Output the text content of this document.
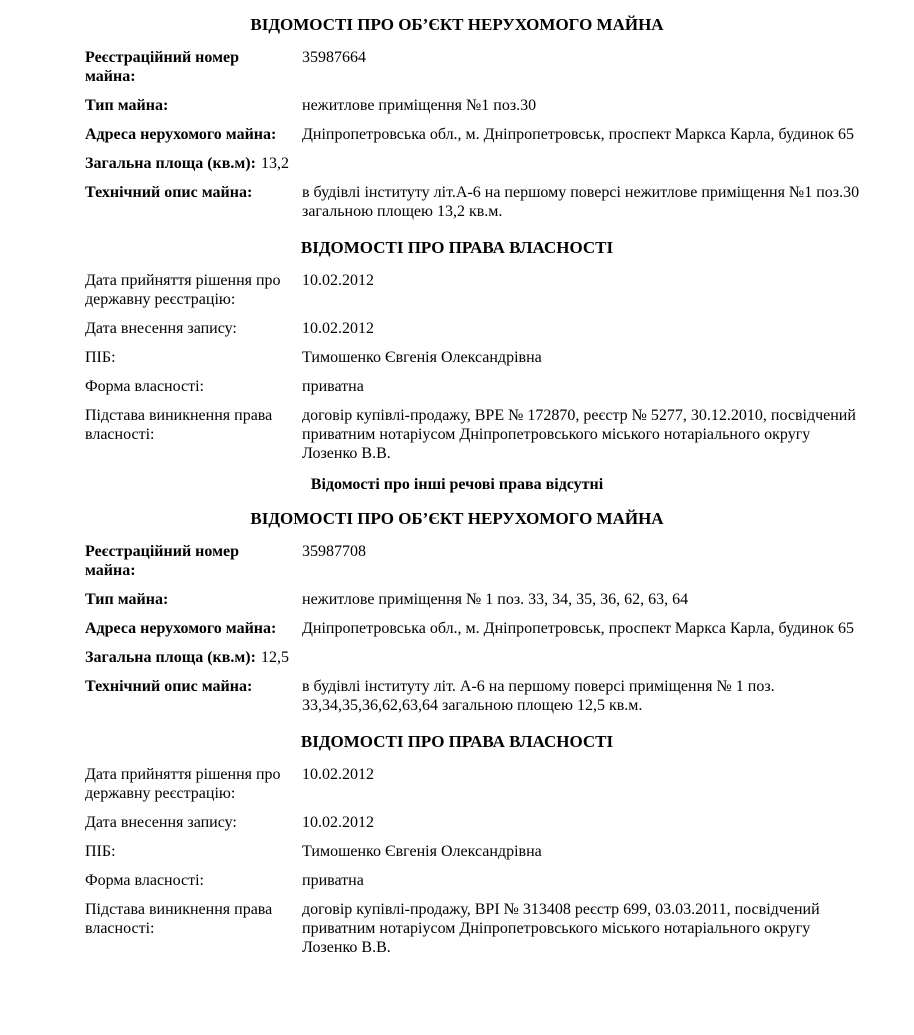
ВІДОМОСТІ ПРО ОБ’ЄКТ НЕРУХОМОГО МАЙНА
Реєстраційний номер майна:
35987664
Тип майна:	нежитлове приміщення №1 поз.30
Адреса нерухомого майна:	Дніпропетровська обл., м. Дніпропетровськ, проспект Маркса Карла, будинок 65
Загальна площа (кв.м): 13,2
Технічний опис майна:	в будівлі інституту літ.А-6 на першому поверсі нежитлове приміщення №1 поз.30 загальною площею 13,2 кв.м.
ВІДОМОСТІ ПРО ПРАВА ВЛАСНОСТІ
Дата прийняття рішення про державну реєстрацію:
10.02.2012
Дата внесення запису:	10.02.2012
ПІБ:	Тимошенко Євгенія Олександрівна
Форма власності:	приватна
Підстава виникнення права власності:
договір купівлі-продажу, ВРЕ № 172870, реєстр № 5277, 30.12.2010, посвідчений приватним нотаріусом Дніпропетровського міського нотаріального округу Лозенко В.В.
Відомості про інші речові права відсутні
ВІДОМОСТІ ПРО ОБ’ЄКТ НЕРУХОМОГО МАЙНА
Реєстраційний номер майна:
35987708
Тип майна:	нежитлове приміщення № 1 поз. 33, 34, 35, 36, 62, 63, 64
Адреса нерухомого майна:	Дніпропетровська обл., м. Дніпропетровськ, проспект Маркса Карла, будинок 65
Загальна площа (кв.м): 12,5
Технічний опис майна:	в будівлі інституту літ. А-6 на першому поверсі приміщення № 1 поз. 33,34,35,36,62,63,64 загальною площею 12,5 кв.м.
ВІДОМОСТІ ПРО ПРАВА ВЛАСНОСТІ
Дата прийняття рішення про державну реєстрацію:
10.02.2012
Дата внесення запису:	10.02.2012
ПІБ:	Тимошенко Євгенія Олександрівна
Форма власності:	приватна
Підстава виникнення права власності:
договір купівлі-продажу, ВРІ № 313408 реєстр 699, 03.03.2011, посвідчений приватним нотаріусом Дніпропетровського міського нотаріального округу Лозенко В.В.
